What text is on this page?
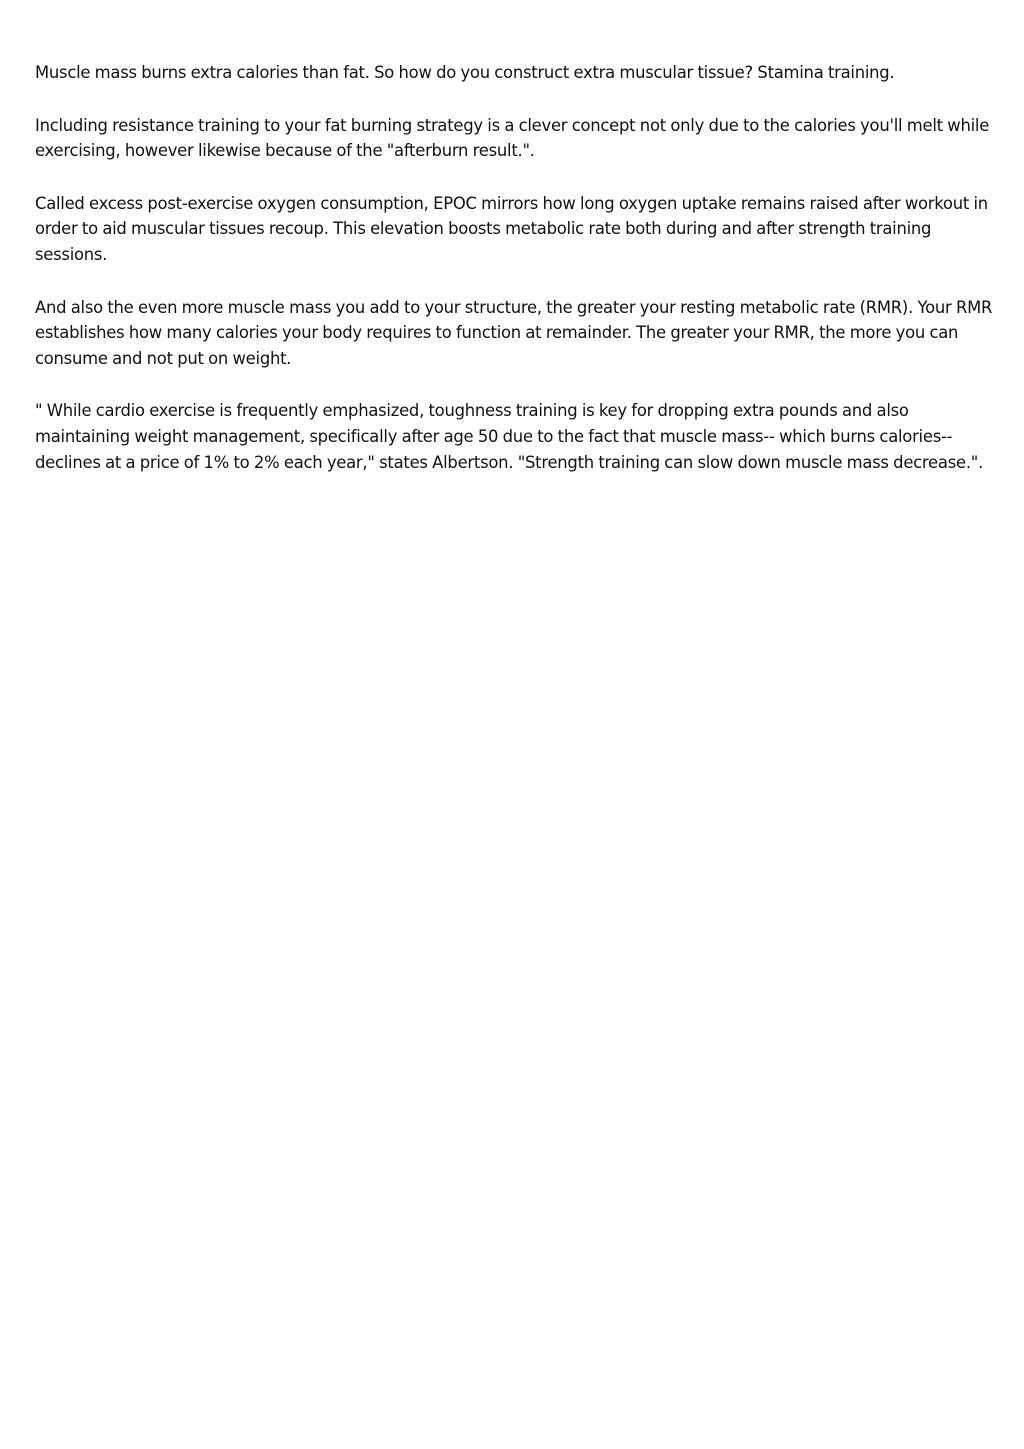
Muscle mass burns extra calories than fat. So how do you construct extra muscular tissue? Stamina training.

Including resistance training to your fat burning strategy is a clever concept not only due to the calories you'll melt while exercising, however likewise because of the "afterburn result.".

Called excess post-exercise oxygen consumption, EPOC mirrors how long oxygen uptake remains raised after workout in order to aid muscular tissues recoup. This elevation boosts metabolic rate both during and after strength training sessions.

And also the even more muscle mass you add to your structure, the greater your resting metabolic rate (RMR). Your RMR establishes how many calories your body requires to function at remainder. The greater your RMR, the more you can consume and not put on weight.

" While cardio exercise is frequently emphasized, toughness training is key for dropping extra pounds and also maintaining weight management, specifically after age 50 due to the fact that muscle mass-- which burns calories-- declines at a price of 1% to 2% each year," states Albertson. "Strength training can slow down muscle mass decrease.".
